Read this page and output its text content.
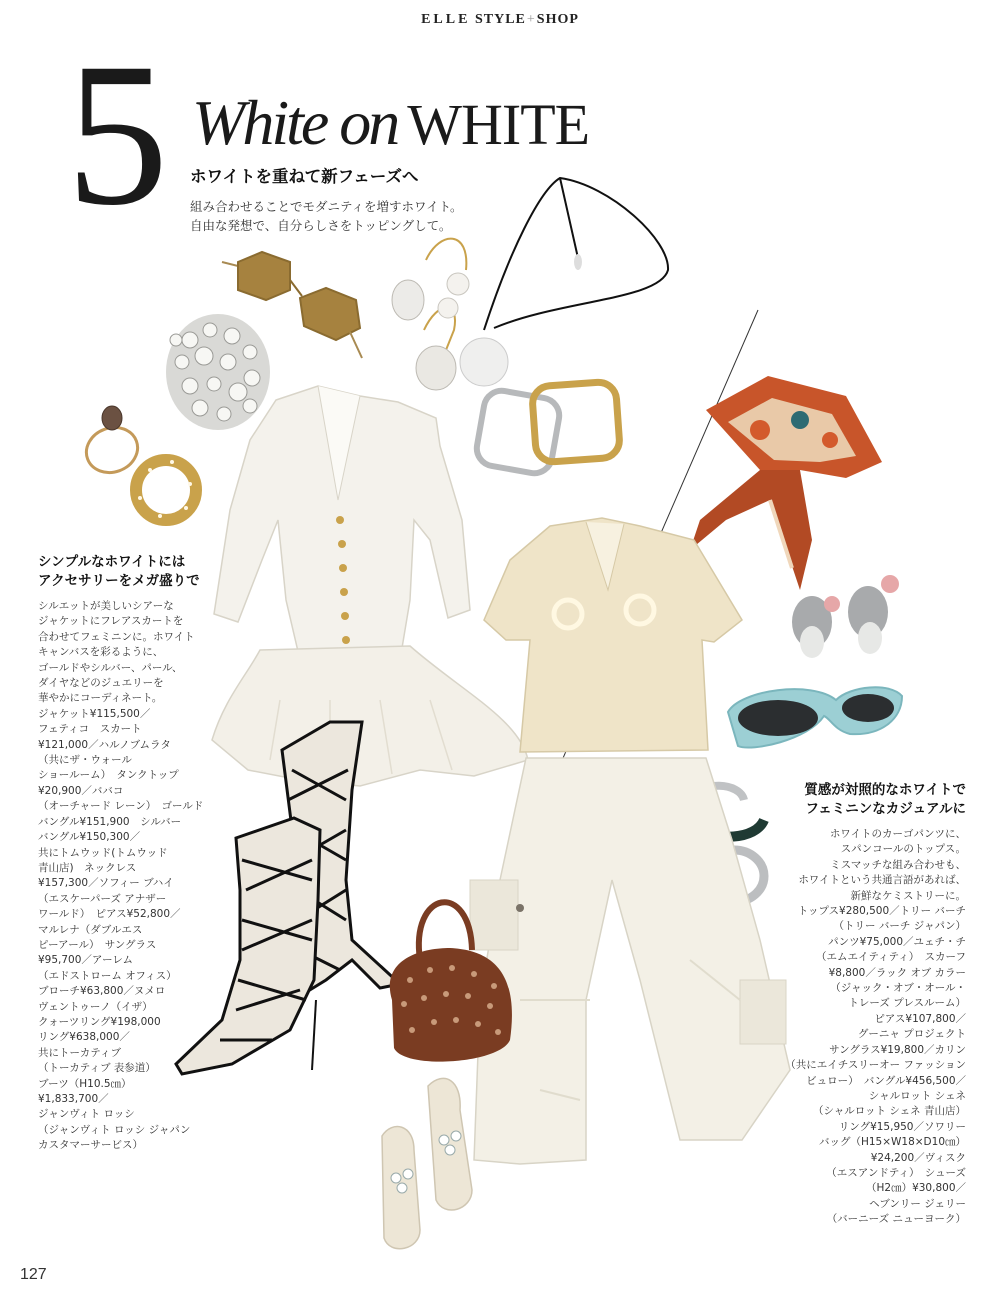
ELLE STYLE+SHOP
5 White on WHITE
ホワイトを重ねて新フェーズへ
組み合わせることでモダニティを増すホワイト。
自由な発想で、自分らしさをトッピングして。
シンプルなホワイトには
アクセサリーをメガ盛りで
シルエットが美しいシアーな
ジャケットにフレアスカートを
合わせてフェミニンに。ホワイト
キャンバスを彩るように、
ゴールドやシルバー、パール、
ダイヤなどのジュエリーを
華やかにコーディネート。
ジャケット¥115,500／
フェティコ　スカート
¥121,000／ハルノブムラタ
（共にザ・ウォール
ショールーム）　タンクトップ
¥20,900／ババコ
（オーチャード レーン）　ゴールド
バングル¥151,900　シルバー
バングル¥150,300／
共にトムウッド(トムウッド
青山店)　ネックレス
¥157,300／ソフィー ブハイ
（エスケーパーズ アナザー
ワールド）　ピアス¥52,800／
マルレナ（ダブルエス
ピーアール）　サングラス
¥95,700／アーレム
（エドストローム オフィス）
ブローチ¥63,800／ヌメロ
ヴェントゥーノ（イザ）
クォーツリング¥198,000
リング¥638,000／
共にトーカティブ
（トーカティブ 表参道）
ブーツ（H10.5㎝）
¥1,833,700／
ジャンヴィト ロッシ
（ジャンヴィト ロッシ ジャパン
カスタマーサービス）
質感が対照的なホワイトで
フェミニンなカジュアルに
ホワイトのカーゴパンツに、
スパンコールのトップス。
ミスマッチな組み合わせも、
ホワイトという共通言語があれば、
新鮮なケミストリーに。
トップス¥280,500／トリー バーチ
（トリー バーチ ジャパン）
パンツ¥75,000／ユェチ・チ
（エムエイティティ）　スカーフ
¥8,800／ラック オブ カラー
（ジャック・オブ・オール・
トレーズ プレスルーム）
ピアス¥107,800／
グーニャ プロジェクト
サングラス¥19,800／カリン
（共にエイチスリーオー ファッション
ビュロー）　バングル¥456,500／
シャルロット シェネ
（シャルロット シェネ 青山店）
リング¥15,950／ソワリー
バッグ（H15×W18×D10㎝）
¥24,200／ヴィスク
（エスアンドティ）　シューズ
（H2㎝）¥30,800／
ヘブンリー ジェリー
（バーニーズ ニューヨーク）
127
